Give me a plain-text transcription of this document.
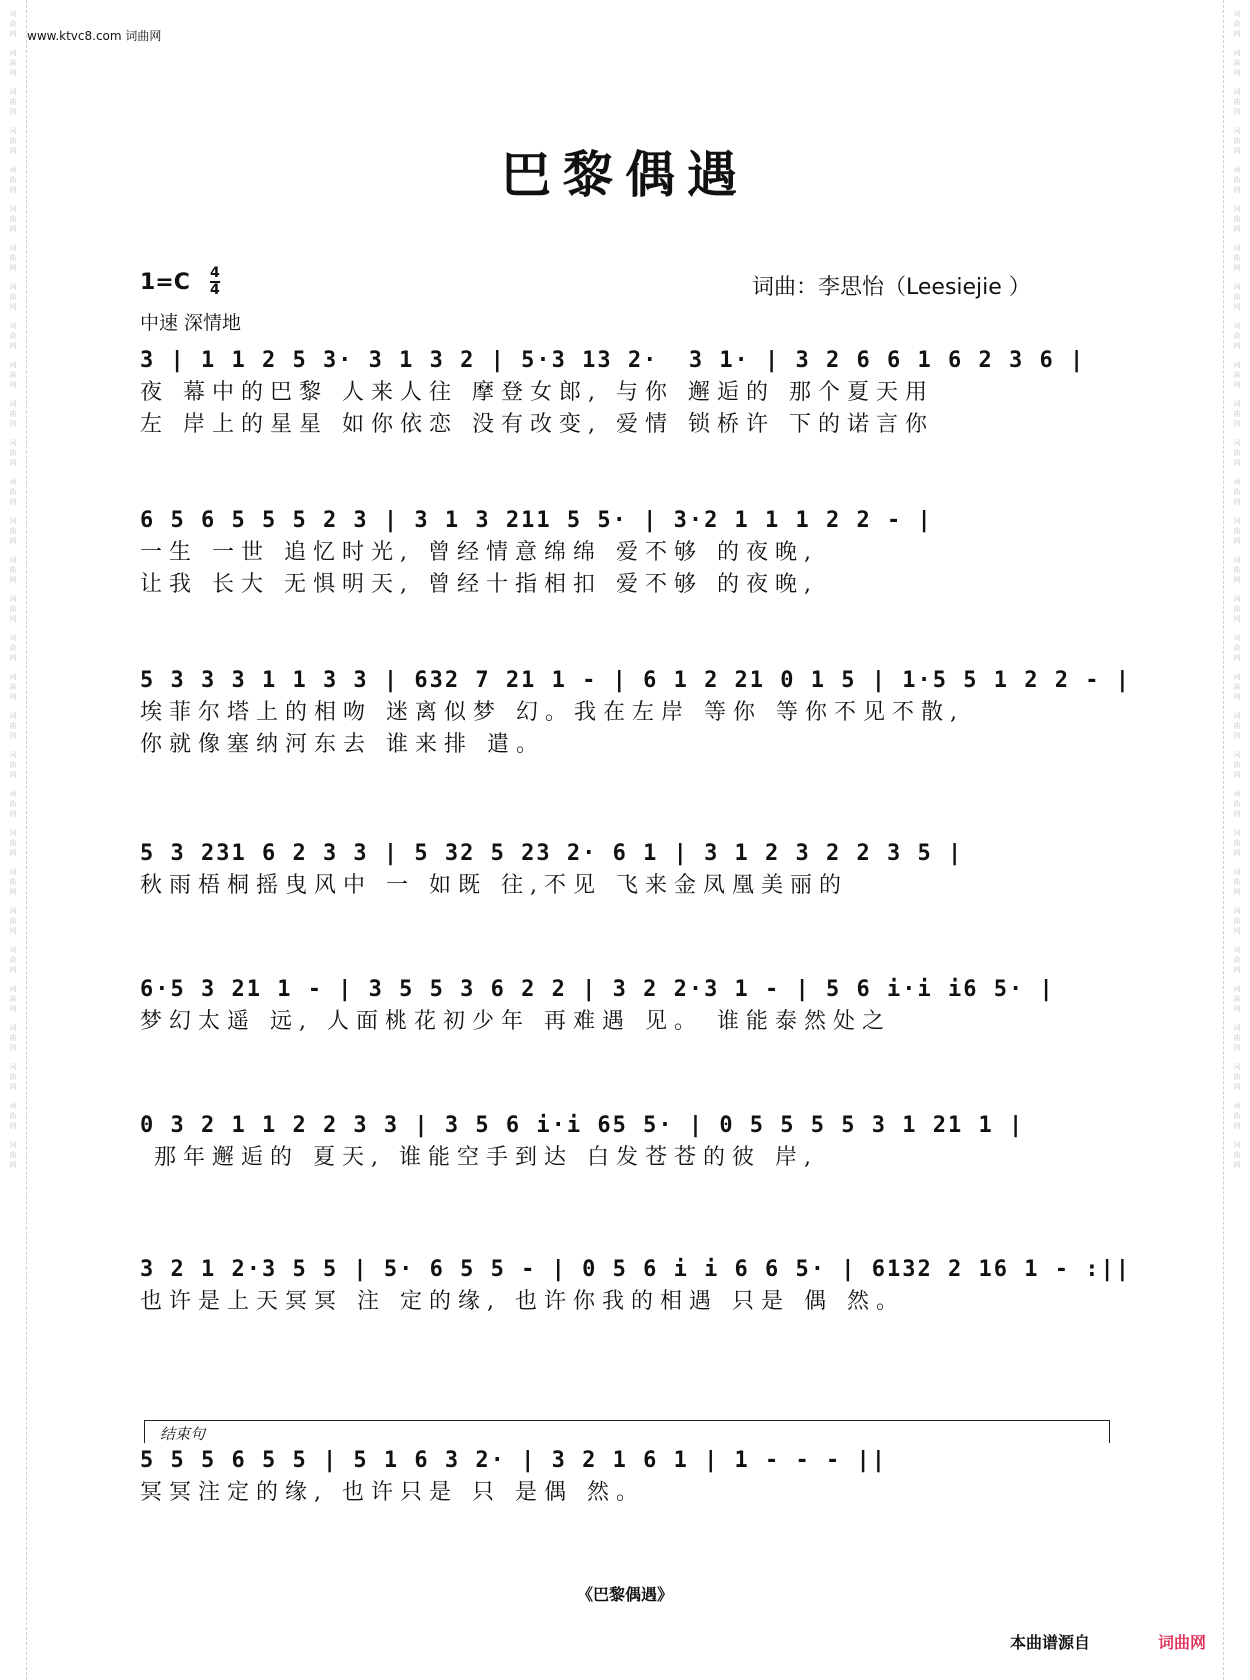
词
曲
网
词
曲
网
词
曲
网
词
曲
网
词
曲
网
词
曲
网
词
曲
网
词
曲
网
词
曲
网
词
曲
网
词
曲
网
词
曲
网
词
曲
网
词
曲
网
词
曲
网
词
曲
网
词
曲
网
词
曲
网
词
曲
网
词
曲
网
词
曲
网
词
曲
网
词
曲
网
词
曲
网
词
曲
网
词
曲
网
词
曲
网
词
曲
网
词
曲
网
词
曲
网
词
曲
网
词
曲
网
词
曲
网
词
曲
网
词
曲
网
词
曲
网
词
曲
网
词
曲
网
词
曲
网
词
曲
网
词
曲
网
词
曲
网
词
曲
网
词
曲
网
词
曲
网
词
曲
网
词
曲
网
词
曲
网
词
曲
网
词
曲
网
词
曲
网
词
曲
网
词
曲
网
词
曲
网
词
曲
网
词
曲
网
词
曲
网
词
曲
网
词
曲
网
词
曲
网
www.ktvc8.com 词曲网
巴黎偶遇
$1=C \frac{4}{4}$
中速 深情地
词曲：李思怡（Leesiejie ）
3 | 1 1 2 5 3· 3 1 3 2 | 5·3 13 2·  3 1· | 3 2 6 6 1 6 2 3 6 |
夜 幕中的巴黎 人来人往 摩登女郎, 与你 邂逅的 那个夏天用
左 岸上的星星 如你依恋 没有改变, 爱情 锁桥许 下的诺言你
6 5 6 5 5 5 2 3 | 3 1 3 211 5 5· | 3·2 1 1 1 2 2 - |
一生 一世 追忆时光, 曾经情意绵绵 爱不够 的夜晚,
让我 长大 无惧明天, 曾经十指相扣 爱不够 的夜晚,
5 3 3 3 1 1 3 3 | 632 7 21 1 - | 6 1 2 21 0 1 5 | 1·5 5 1 2 2 - |
埃菲尔塔上的相吻 迷离似梦 幻。我在左岸 等你 等你不见不散,
你就像塞纳河东去 谁来排 遣。
5 3 231 6 2 3 3 | 5 32 5 23 2· 6 1 | 3 1 2 3 2 2 3 5 |
秋雨梧桐摇曳风中 一 如既 往,不见 飞来金凤凰美丽的
6·5 3 21 1 - | 3 5 5 3 6 2 2 | 3 2 2·3 1 - | 5 6 i·i i6 5· |
梦幻太遥 远, 人面桃花初少年 再难遇 见。 谁能泰然处之
0 3 2 1 1 2 2 3 3 | 3 5 6 i·i 65 5· | 0 5 5 5 5 3 1 21 1 |
那年邂逅的 夏天, 谁能空手到达 白发苍苍的彼 岸,
3 2 1 2·3 5 5 | 5· 6 5 5 - | 0 5 6 i i 6 6 5· | 6132 2 16 1 - :||
也许是上天冥冥 注 定的缘, 也许你我的相遇 只是 偶 然。
结束句
5 5 5 6 5 5 | 5 1 6 3 2· | 3 2 1 6 1 | 1 - - - ||
冥冥注定的缘, 也许只是 只 是偶 然。
《巴黎偶遇》
本曲谱源自	词曲网
